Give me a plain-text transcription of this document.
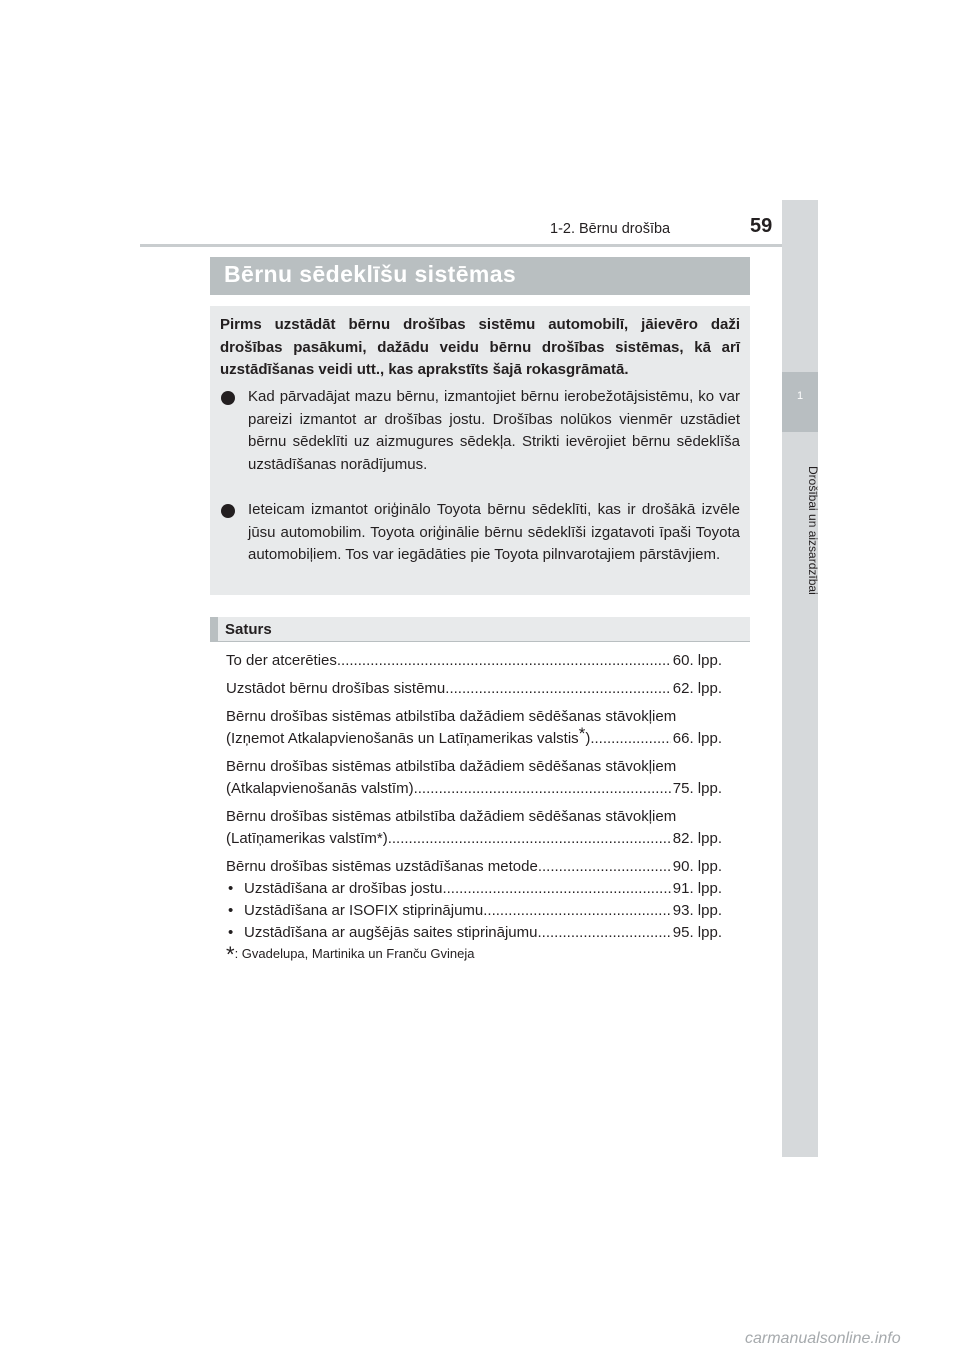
1-2. Bērnu drošība	59
1
Drošībai un aizsardzībai
Bērnu sēdeklīšu sistēmas

Pirms uzstādāt bērnu drošības sistēmu automobilī, jāievēro daži drošības pasākumi, dažādu veidu bērnu drošības sistēmas, kā arī uzstādīšanas veidi utt., kas aprakstīts šajā rokasgrāmatā.

Kad pārvadājat mazu bērnu, izmantojiet bērnu ierobežotājsistēmu, ko var pareizi izmantot ar drošības jostu. Drošības nolūkos vienmēr uzstādiet bērnu sēdeklīti uz aizmugures sēdekļa. Strikti ievērojiet bērnu sēdeklīša uzstādīšanas norādījumus.
Ieteicam izmantot oriģinālo Toyota bērnu sēdeklīti, kas ir drošākā izvēle jūsu automobilim. Toyota oriģinālie bērnu sēdeklīši izgatavoti īpaši Toyota automobiļiem. Tos var iegādāties pie Toyota pilnvarotajiem pārstāvjiem.
Saturs
To der atcerēties .....	60. lpp.
Uzstādot bērnu drošības sistēmu .....	62. lpp.
Bērnu drošības sistēmas atbilstība dažādiem sēdēšanas stāvokļiem
(Izņemot Atkalapvienošanās un Latīņamerikas valstis*) .....	66. lpp.
Bērnu drošības sistēmas atbilstība dažādiem sēdēšanas stāvokļiem
(Atkalapvienošanās valstīm) .....	75. lpp.
Bērnu drošības sistēmas atbilstība dažādiem sēdēšanas stāvokļiem
(Latīņamerikas valstīm*) .....	82. lpp.
Bērnu drošības sistēmas uzstādīšanas metode .....	90. lpp.
• Uzstādīšana ar drošības jostu .....	91. lpp.
• Uzstādīšana ar ISOFIX stiprinājumu .....	93. lpp.
• Uzstādīšana ar augšējās saites stiprinājumu .....	95. lpp.
*: Gvadelupa, Martinika un Franču Gvineja
carmanualsonline.info
